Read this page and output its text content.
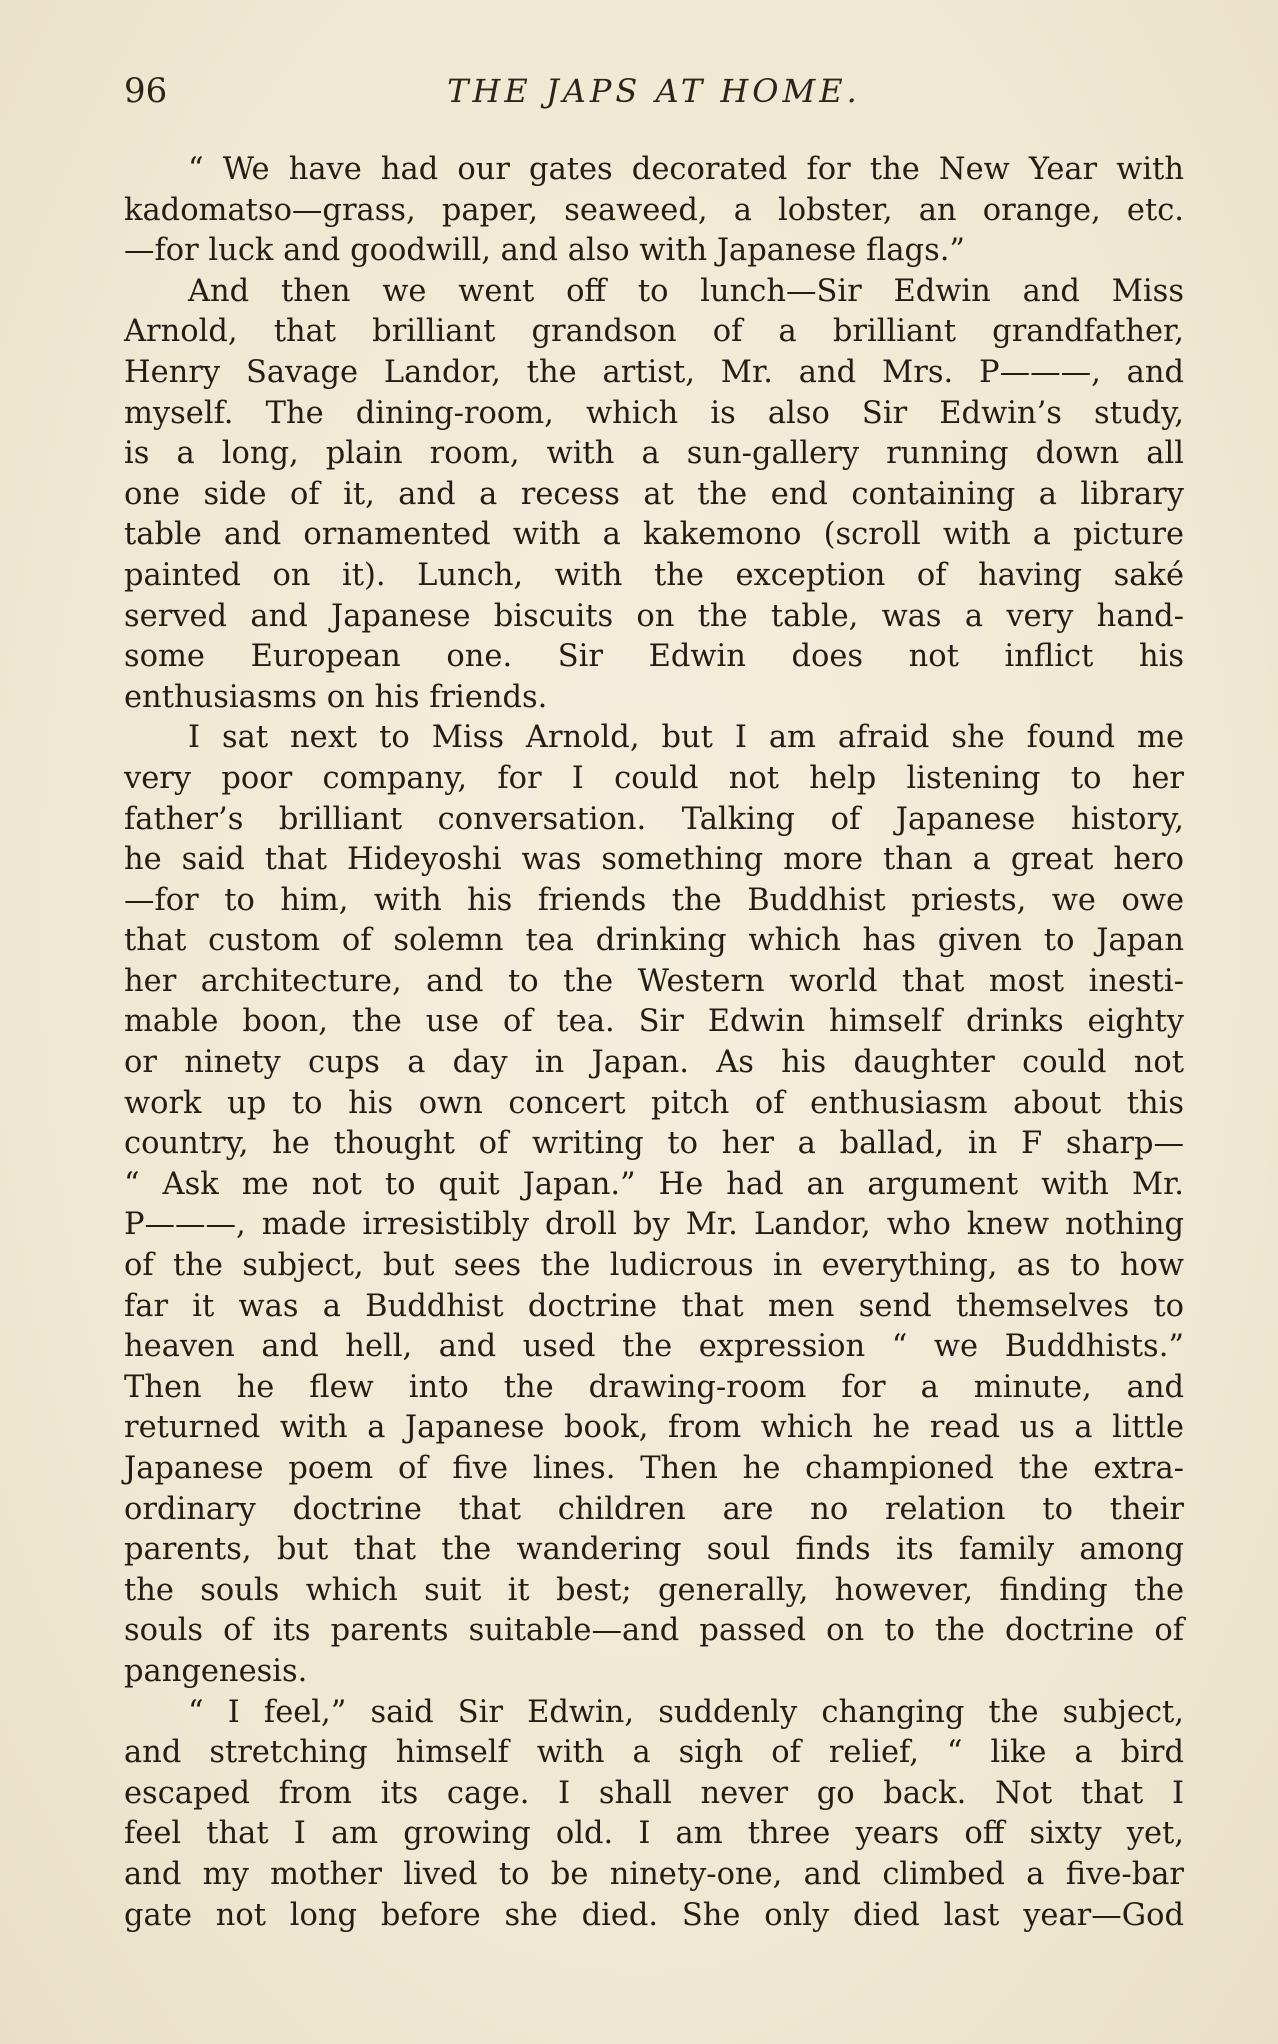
96	THE JAPS AT HOME.
“ We have had our gates decorated for the New Year with
kadomatso—grass, paper, seaweed, a lobster, an orange, etc.
—for luck and goodwill, and also with Japanese flags.”
And then we went off to lunch—Sir Edwin and Miss
Arnold, that brilliant grandson of a brilliant grandfather,
Henry Savage Landor, the artist, Mr. and Mrs. P———, and
myself. The dining-room, which is also Sir Edwin’s study,
is a long, plain room, with a sun-gallery running down all
one side of it, and a recess at the end containing a library
table and ornamented with a kakemono (scroll with a picture
painted on it). Lunch, with the exception of having saké
served and Japanese biscuits on the table, was a very hand-
some European one. Sir Edwin does not inflict his
enthusiasms on his friends.
I sat next to Miss Arnold, but I am afraid she found me
very poor company, for I could not help listening to her
father’s brilliant conversation. Talking of Japanese history,
he said that Hideyoshi was something more than a great hero
—for to him, with his friends the Buddhist priests, we owe
that custom of solemn tea drinking which has given to Japan
her architecture, and to the Western world that most inesti-
mable boon, the use of tea. Sir Edwin himself drinks eighty
or ninety cups a day in Japan. As his daughter could not
work up to his own concert pitch of enthusiasm about this
country, he thought of writing to her a ballad, in F sharp—
“ Ask me not to quit Japan.” He had an argument with Mr.
P———, made irresistibly droll by Mr. Landor, who knew nothing
of the subject, but sees the ludicrous in everything, as to how
far it was a Buddhist doctrine that men send themselves to
heaven and hell, and used the expression “ we Buddhists.”
Then he flew into the drawing-room for a minute, and
returned with a Japanese book, from which he read us a little
Japanese poem of five lines. Then he championed the extra-
ordinary doctrine that children are no relation to their
parents, but that the wandering soul finds its family among
the souls which suit it best; generally, however, finding the
souls of its parents suitable—and passed on to the doctrine of
pangenesis.
“ I feel,” said Sir Edwin, suddenly changing the subject,
and stretching himself with a sigh of relief, “ like a bird
escaped from its cage. I shall never go back. Not that I
feel that I am growing old. I am three years off sixty yet,
and my mother lived to be ninety-one, and climbed a five-bar
gate not long before she died. She only died last year—God
